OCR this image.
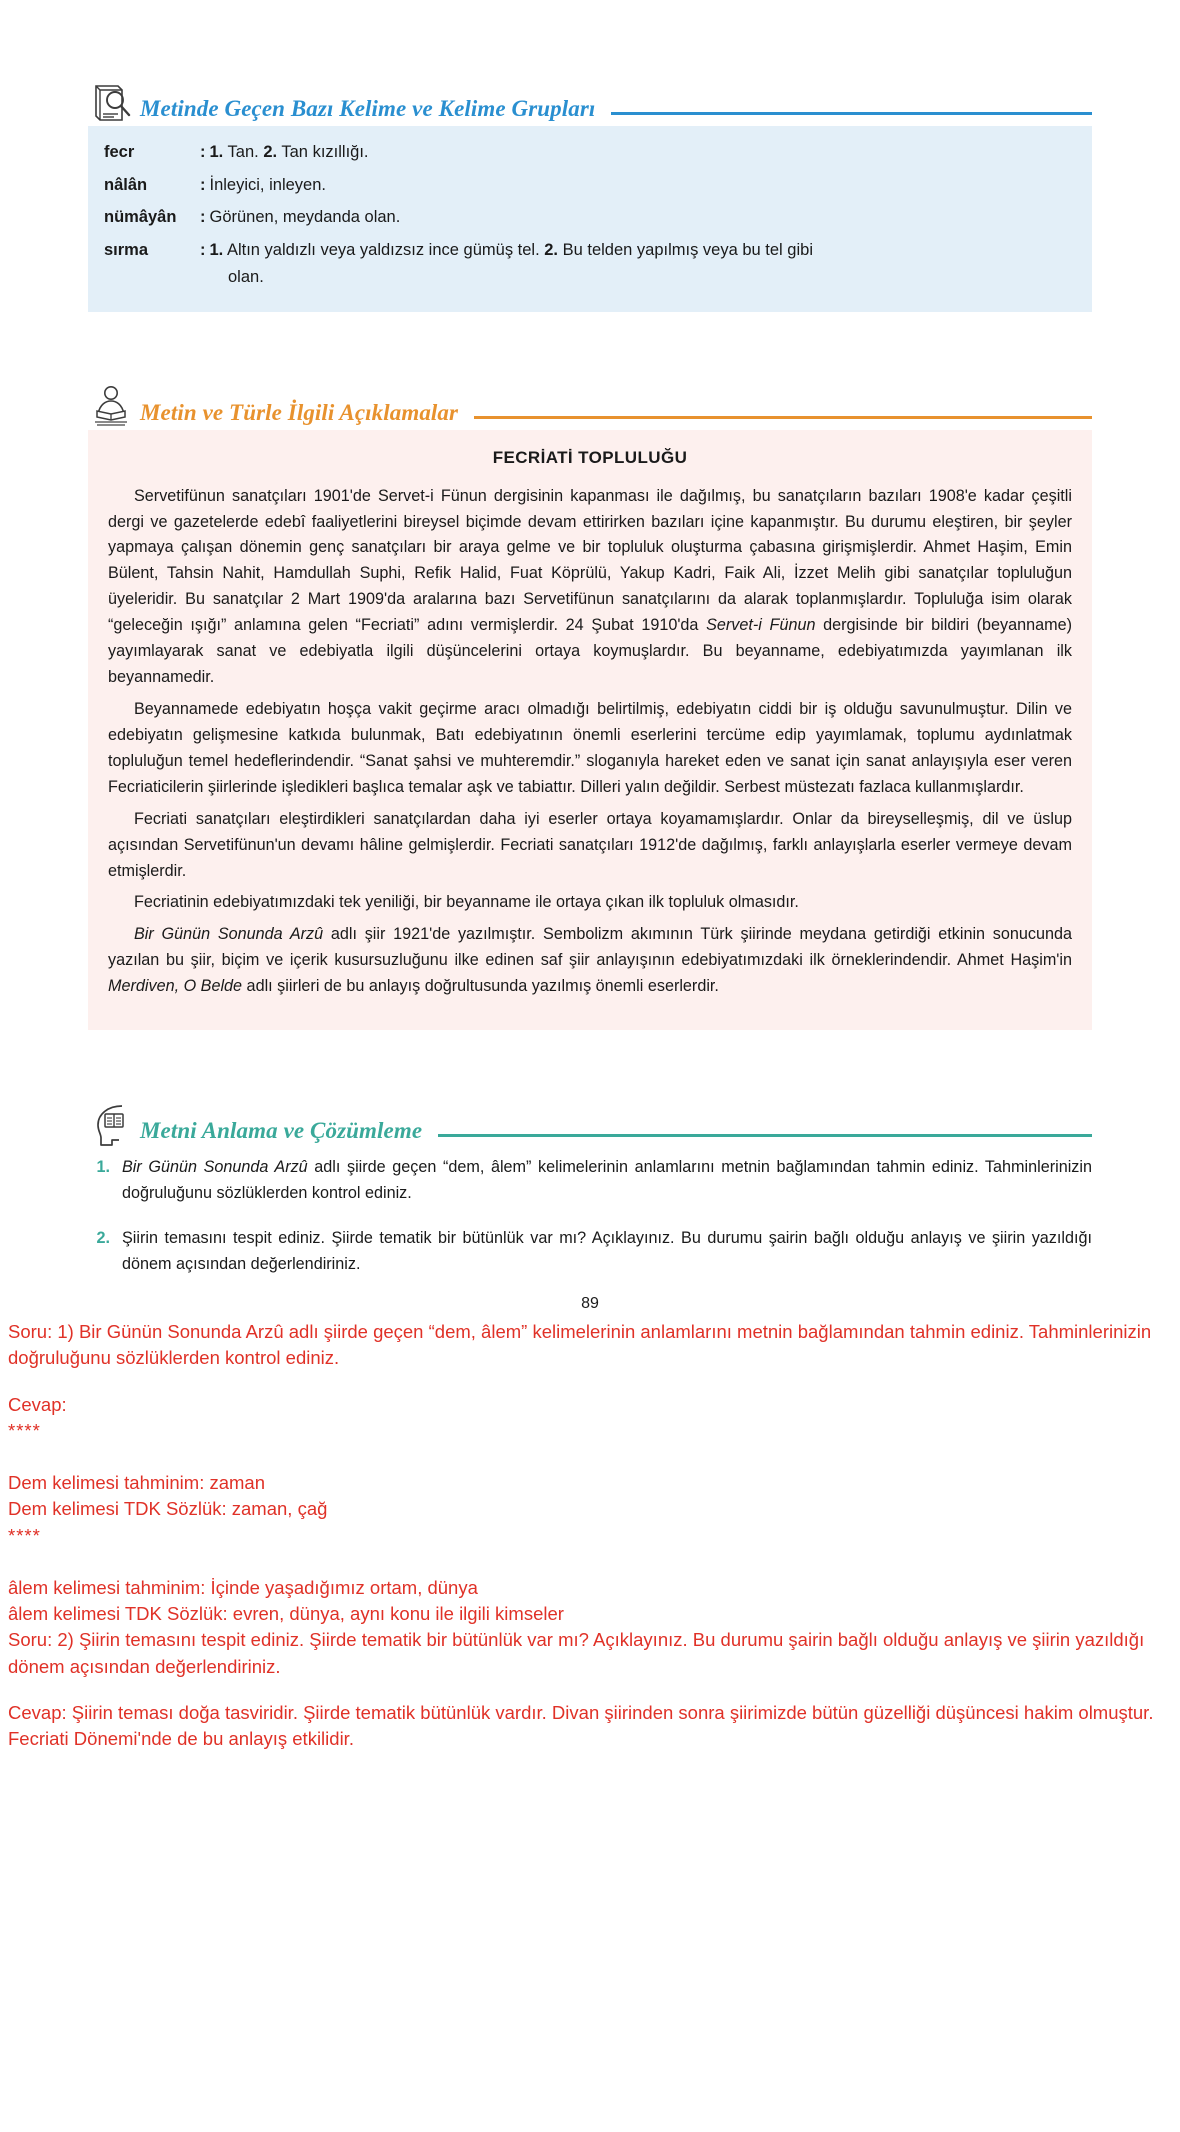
Metinde Geçen Bazı Kelime ve Kelime Grupları
fecr	: 1. Tan. 2. Tan kızıllığı.
nâlân	: İnleyici, inleyen.
nümâyân	: Görünen, meydanda olan.
sırma	: 1. Altın yaldızlı veya yaldızsız ince gümüş tel. 2. Bu telden yapılmış veya bu tel gibi
olan.
Metin ve Türle İlgili Açıklamalar
FECRİATİ TOPLULUĞU

Servetifünun sanatçıları 1901'de Servet-i Fünun dergisinin kapanması ile dağılmış, bu sanatçıların bazıları 1908'e kadar çeşitli dergi ve gazetelerde edebî faaliyetlerini bireysel biçimde devam ettirirken bazıları içine kapanmıştır. Bu durumu eleştiren, bir şeyler yapmaya çalışan dönemin genç sanatçıları bir araya gelme ve bir topluluk oluşturma çabasına girişmişlerdir. Ahmet Haşim, Emin Bülent, Tahsin Nahit, Hamdullah Suphi, Refik Halid, Fuat Köprülü, Yakup Kadri, Faik Ali, İzzet Melih gibi sanatçılar topluluğun üyeleridir. Bu sanatçılar 2 Mart 1909'da aralarına bazı Servetifünun sanatçılarını da alarak toplanmışlardır. Topluluğa isim olarak “geleceğin ışığı” anlamına gelen “Fecriati” adını vermişlerdir. 24 Şubat 1910'da Servet-i Fünun dergisinde bir bildiri (beyanname) yayımlayarak sanat ve edebiyatla ilgili düşüncelerini ortaya koymuşlardır. Bu beyanname, edebiyatımızda yayımlanan ilk beyannamedir.

Beyannamede edebiyatın hoşça vakit geçirme aracı olmadığı belirtilmiş, edebiyatın ciddi bir iş olduğu savunulmuştur. Dilin ve edebiyatın gelişmesine katkıda bulunmak, Batı edebiyatının önemli eserlerini tercüme edip yayımlamak, toplumu aydınlatmak topluluğun temel hedeflerindendir. “Sanat şahsi ve muhteremdir.” sloganıyla hareket eden ve sanat için sanat anlayışıyla eser veren Fecriaticilerin şiirlerinde işledikleri başlıca temalar aşk ve tabiattır. Dilleri yalın değildir. Serbest müstezatı fazlaca kullanmışlardır.

Fecriati sanatçıları eleştirdikleri sanatçılardan daha iyi eserler ortaya koyamamışlardır. Onlar da bireyselleşmiş, dil ve üslup açısından Servetifünun'un devamı hâline gelmişlerdir. Fecriati sanatçıları 1912'de dağılmış, farklı anlayışlarla eserler vermeye devam etmişlerdir.

Fecriatinin edebiyatımızdaki tek yeniliği, bir beyanname ile ortaya çıkan ilk topluluk olmasıdır.

Bir Günün Sonunda Arzû adlı şiir 1921'de yazılmıştır. Sembolizm akımının Türk şiirinde meydana getirdiği etkinin sonucunda yazılan bu şiir, biçim ve içerik kusursuzluğunu ilke edinen saf şiir anlayışının edebiyatımızdaki ilk örneklerindendir. Ahmet Haşim'in Merdiven, O Belde adlı şiirleri de bu anlayış doğrultusunda yazılmış önemli eserlerdir.

Metni Anlama ve Çözümleme
1. Bir Günün Sonunda Arzû adlı şiirde geçen “dem, âlem” kelimelerinin anlamlarını metnin bağlamından tahmin ediniz. Tahminlerinizin doğruluğunu sözlüklerden kontrol ediniz.
2. Şiirin temasını tespit ediniz. Şiirde tematik bir bütünlük var mı? Açıklayınız. Bu durumu şairin bağlı olduğu anlayış ve şiirin yazıldığı dönem açısından değerlendiriniz.
89

Soru: 1) Bir Günün Sonunda Arzû adlı şiirde geçen “dem, âlem” kelimelerinin anlamlarını metnin bağlamından tahmin ediniz. Tahminlerinizin doğruluğunu sözlüklerden kontrol ediniz.

Cevap:

****

Dem kelimesi tahminim: zaman

Dem kelimesi TDK Sözlük: zaman, çağ

****

âlem kelimesi tahminim: İçinde yaşadığımız ortam, dünya

âlem kelimesi TDK Sözlük: evren, dünya, aynı konu ile ilgili kimseler

Soru: 2) Şiirin temasını tespit ediniz. Şiirde tematik bir bütünlük var mı? Açıklayınız. Bu durumu şairin bağlı olduğu anlayış ve şiirin yazıldığı dönem açısından değerlendiriniz.

Cevap: Şiirin teması doğa tasviridir. Şiirde tematik bütünlük vardır. Divan şiirinden sonra şiirimizde bütün güzelliği düşüncesi hakim olmuştur. Fecriati Dönemi'nde de bu anlayış etkilidir.
